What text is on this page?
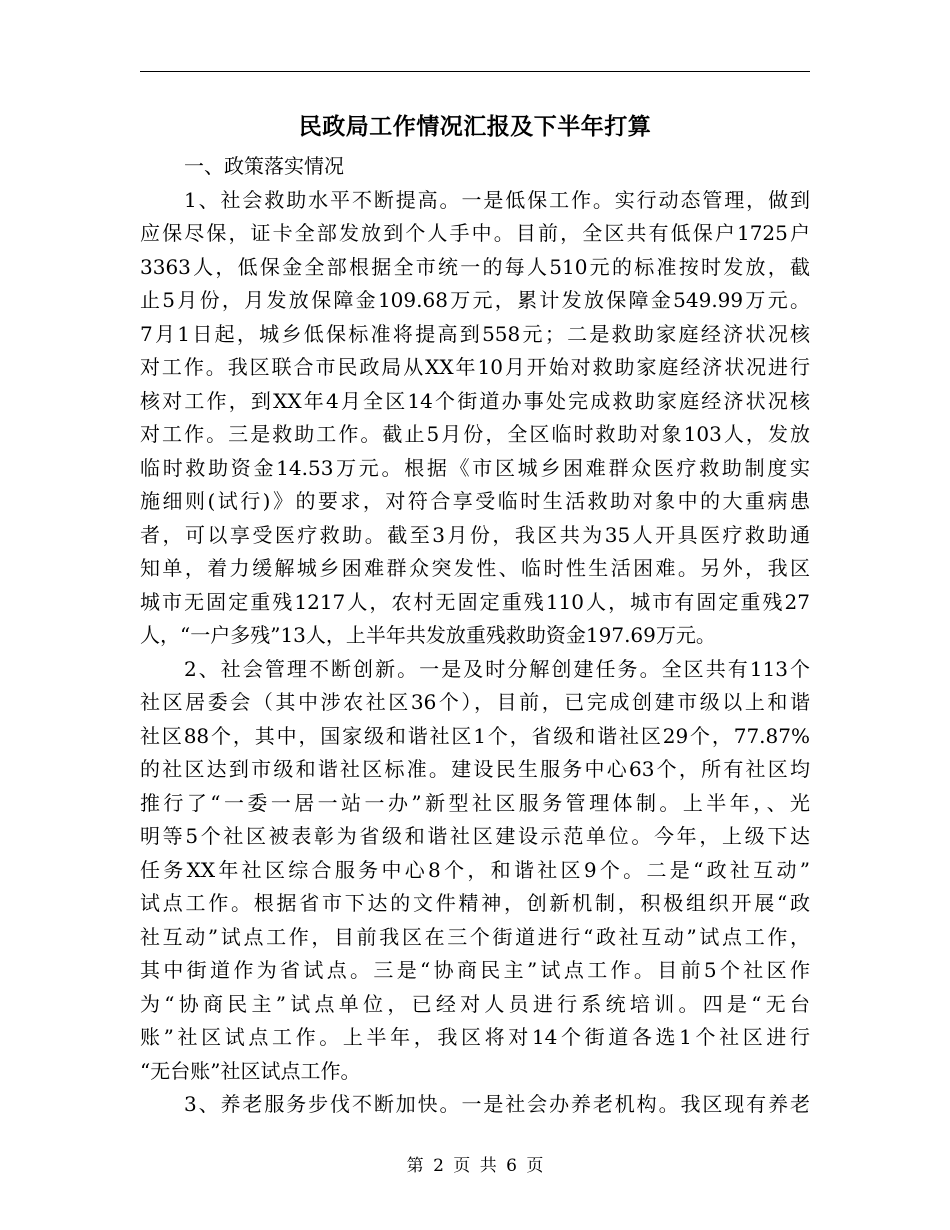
民政局工作情况汇报及下半年打算
一、政策落实情况
1、社会救助水平不断提高。一是低保工作。实行动态管理，做到
应保尽保，证卡全部发放到个人手中。目前，全区共有低保户1725户
3363人，低保金全部根据全市统一的每人510元的标准按时发放，截
止5月份，月发放保障金109.68万元，累计发放保障金549.99万元。
7月1日起，城乡低保标准将提高到558元；二是救助家庭经济状况核
对工作。我区联合市民政局从XX年10月开始对救助家庭经济状况进行
核对工作，到XX年4月全区14个街道办事处完成救助家庭经济状况核
对工作。三是救助工作。截止5月份，全区临时救助对象103人，发放
临时救助资金14.53万元。根据《市区城乡困难群众医疗救助制度实
施细则(试行)》的要求，对符合享受临时生活救助对象中的大重病患
者，可以享受医疗救助。截至3月份，我区共为35人开具医疗救助通
知单，着力缓解城乡困难群众突发性、临时性生活困难。另外，我区
城市无固定重残1217人，农村无固定重残110人，城市有固定重残27
人，“一户多残”13人，上半年共发放重残救助资金197.69万元。
2、社会管理不断创新。一是及时分解创建任务。全区共有113个
社区居委会（其中涉农社区36个），目前，已完成创建市级以上和谐
社区88个，其中，国家级和谐社区1个，省级和谐社区29个，77.87%
的社区达到市级和谐社区标准。建设民生服务中心63个，所有社区均
推行了“一委一居一站一办”新型社区服务管理体制。上半年，、光
明等5个社区被表彰为省级和谐社区建设示范单位。今年，上级下达
任务XX年社区综合服务中心8个，和谐社区9个。二是“政社互动”
试点工作。根据省市下达的文件精神，创新机制，积极组织开展“政
社互动”试点工作，目前我区在三个街道进行“政社互动”试点工作，
其中街道作为省试点。三是“协商民主”试点工作。目前5个社区作
为“协商民主”试点单位，已经对人员进行系统培训。四是“无台
账”社区试点工作。上半年，我区将对14个街道各选1个社区进行
“无台账”社区试点工作。
3、养老服务步伐不断加快。一是社会办养老机构。我区现有养老
第 2 页 共 6 页
